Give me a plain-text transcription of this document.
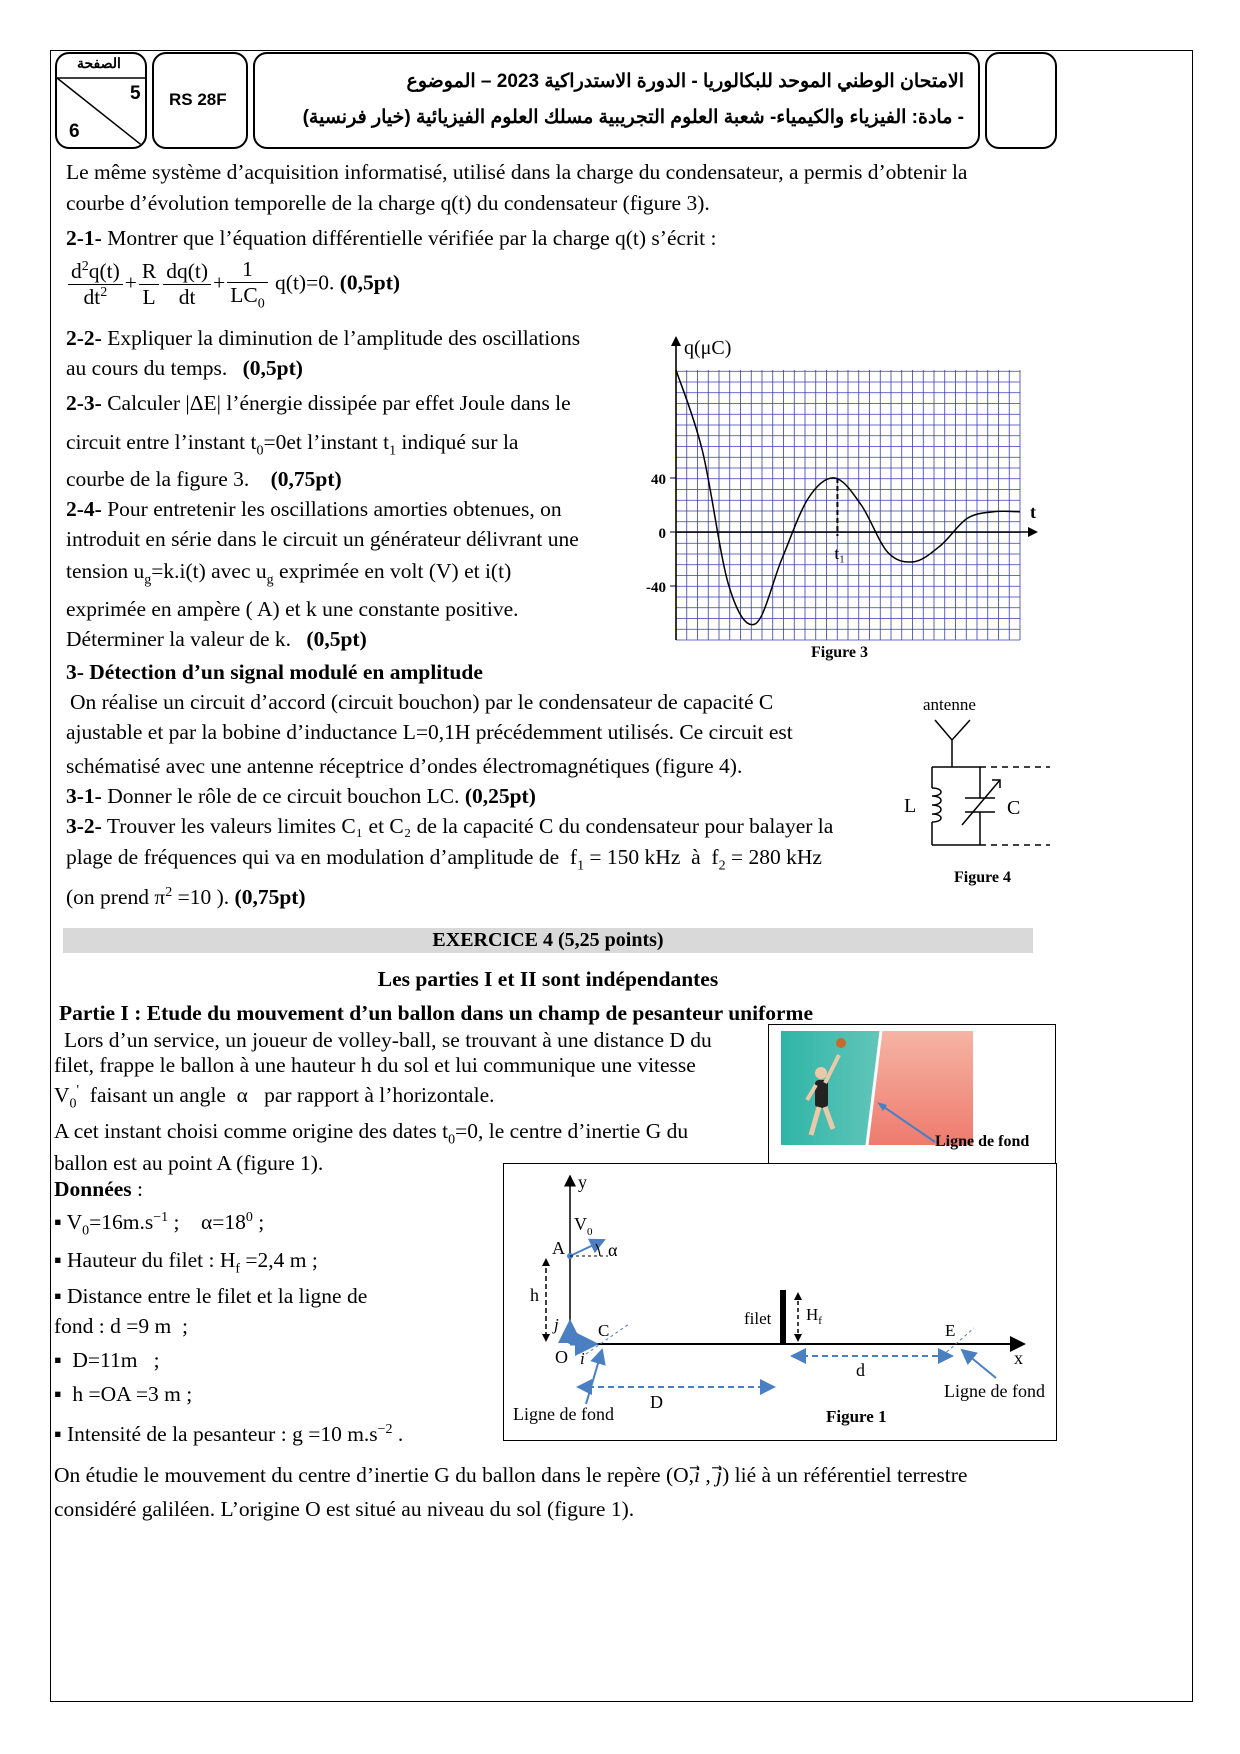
الصفحة
5
6
RS 28F
الامتحان الوطني الموحد للبكالوريا - الدورة الاستدراكية 2023 – الموضوع
- مادة: الفيزياء والكيمياء- شعبة العلوم التجريبية مسلك العلوم الفيزيائية (خيار فرنسية)
Le même système d’acquisition informatisé, utilisé dans la charge du condensateur, a permis d’obtenir la
courbe d’évolution temporelle de la charge q(t) du condensateur (figure 3).
2-1- Montrer que l’équation différentielle vérifiée par la charge q(t) s’écrit :
$\frac{d^2q(t)}{dt^2} + \frac{R}{L} \frac{dq(t)}{dt} + \frac{1}{LC_0} q(t)=0$. (0,5pt)
2-2- Expliquer la diminution de l’amplitude des oscillations
au cours du temps. (0,5pt)
2-3- Calculer |ΔE| l’énergie dissipée par effet Joule dans le
circuit entre l’instant $t_0=0et$ l’instant $t_1$ indiqué sur la
courbe de la figure 3. (0,75pt)
2-4- Pour entretenir les oscillations amorties obtenues, on
introduit en série dans le circuit un générateur délivrant une
tension $u_g=k.i(t)$ avec $u_g$ exprimée en volt (V) et i(t)
exprimée en ampère ( A) et k une constante positive.
Déterminer la valeur de k. (0,5pt)
40
0
-40
q(μC)
t
t₁
Figure 3
3- Détection d’un signal modulé en amplitude
On réalise un circuit d’accord (circuit bouchon) par le condensateur de capacité C
ajustable et par la bobine d’inductance L=0,1H précédemment utilisés. Ce circuit est
schématisé avec une antenne réceptrice d’ondes électromagnétiques (figure 4).
3-1- Donner le rôle de ce circuit bouchon LC. (0,25pt)
3-2- Trouver les valeurs limites C₁ et C₂ de la capacité C du condensateur pour balayer la
plage de fréquences qui va en modulation d’amplitude de  $f_1 = 150$ kHz  à  $f_2 = 280$ kHz
(on prend $\pi^2 =10$ ). (0,75pt)
antenne
L	C
Figure 4
EXERCICE 4 (5,25 points)
Les parties I et II sont indépendantes
Partie I : Etude du mouvement d’un ballon dans un champ de pesanteur uniforme
Lors d’un service, un joueur de volley-ball, se trouvant à une distance D du
filet, frappe le ballon à une hauteur h du sol et lui communique une vitesse
$V_0'$ faisant un angle  α   par rapport à l’horizontale.
A cet instant choisi comme origine des dates $t_0=0$, le centre d’inertie G du
ballon est au point A (figure 1).
Données :
▪ $V_0=16m.s^{-1}$ ;    $\alpha=18^0$ ;
▪ Hauteur du filet : $H_f =2,4$ m ;
▪ Distance entre le filet et la ligne de
fond : d =9 m  ;
▪  D=11m   ;
▪  h =OA =3 m ;
▪ Intensité de la pesanteur : g =10 $m.s^{-2}$ .
On étudie le mouvement du centre d’inertie G du ballon dans le repère (O,i⃗ , j⃗) lié à un référentiel terrestre
considéré galiléen. L’origine O est situé au niveau du sol (figure 1).
Ligne de fond
x
y
O i
j
A
$V_0$
α
h
C
filet $H_f$	E
D
d
Ligne de fond
Ligne de fond
Figure 1
